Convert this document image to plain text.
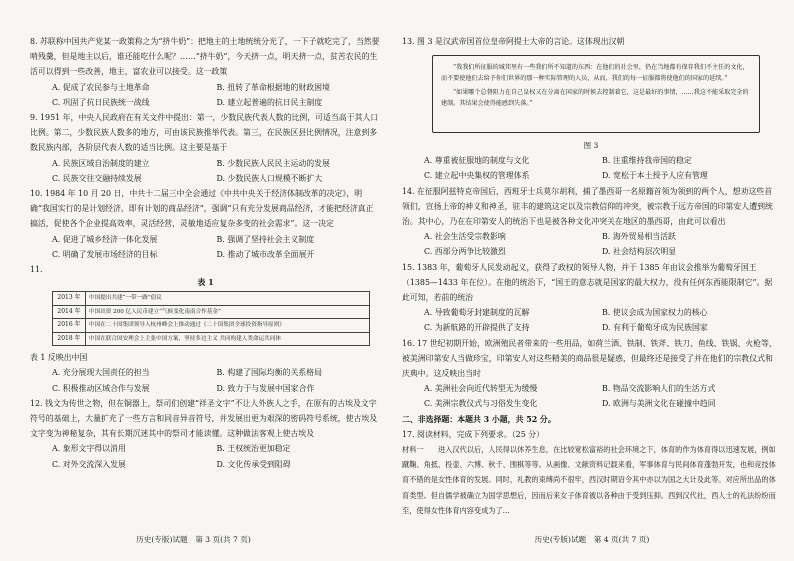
8. 苏联称中国共产党某一政策称之为“挤牛奶”：把地主的土地统统分光了，一下子就吃完了，当然要啃残羹，但是地主以后，谁还能吃什么呢？……“挤牛奶”，今天挤一点，明天挤一点，贫苦农民的生活可以得到一些改善，地主，富农业可以接受。这一政策

A. 促成了农民参与土地革命	B. 扭转了革命根据地的财政困境
C. 巩固了抗日民族统一战线	D. 建立起普遍的抗日民主制度

9. 1951 年，中央人民政府在有关文件中提出：第一，少数民族代表人数的比例，可适当高于其人口比例。第二，少数民族人数多的地方，可由该民族推举代表。第三，在民族区县比例情况，注意到多数民族内部，各阶层代表人数的适当比例。这主要是基于

A. 民族区域自治制度的建立	B. 少数民族人民民主运动的发展
C. 民族交往交融持续发展	D. 少数民族人口规模不断扩大

10. 1984 年 10 月 20 日，中共十二届三中全会通过《中共中央关于经济体制改革的决定》，明确“我国实行的是计划经济，即有计划的商品经济”，强调“只有充分发展商品经济，才能把经济真正搞活，促使各个企业提高效率，灵活经营，灵敏地适应复杂多变的社会需求”。这一决定

A. 促进了城乡经济一体化发展	B. 强调了坚持社会主义制度
C. 明确了发展市场经济的目标	D. 推动了城市改革全面展开

11.

表 1
2013 年	中国提出共建“一带一路”倡议
2014 年	中国出资 200 亿人民币建立“气候变化南南合作基金”
2016 年	中国在二十国集团领导人杭州峰会上推动通过《二十国集团全球投资指导原则》
2018 年	中国在联合国安理会上主张中国方案，坚持多边主义 共同构建人类命运共同体

表 1 反映出中国

A. 充分展现大国责任的担当	B. 构建了国际均衡的关系格局
C. 积极推动区域合作与发展	D. 致力于与发展中国家合作

12. 钱文为传世之物，但在铜器上，祭司们创建“祥圣文字”不让人外族人之手，在原有的古埃及文字符号的基础上，大量扩充了一些方言和同音异音符号，并发展出更为艰深的密码符号系统，使古埃及文字变为神秘复杂，其有长期沉迷其中的祭司才能读懂。这种做法客观上使古埃及

A. 象形文字得以消用	B. 王权统治更加稳定
C. 对外交流深入发展	D. 文化传承受到阻碍

13. 图 3 是汉武帝国首位皇帝阿提士大帝的言论。这体现出汉朝

“我我们所征服的城邦里有一些我们所不知道的东西：在他们的社会里，仍在当地都有保存我们不主任的文化，而不要使他们去给予你们世界的那一种实际管理的人员，从而，我们的每一征服都将使他们的国家的延续。”

“如果哪个总督阻力在自己皇权又在分离在国家的时候去控制着它，这是最好的事情，……我这不能采取完全的建制。其结果会使得能感到失落。”

图 3
A. 尊重被征服地的制度与文化	B. 注重维持我帝国的稳定
C. 建立起中央集权的管理体系	D. 宽松于本土授予人应有管理

14. 在征服阿兹特克帝国后，西班牙士兵莫尔胡利，捕了墨西哥一名原籍首领为领到的两个人，想劝这些首领们，宣扬上帝的神义和神圣，驻丰的建筑这定以及宗教信仰的冲突，被宗教于远方帝国的印第安人遭到统治。其中心，乃在在印第安人的统治下也是被各种文化冲突关在地区的墨西哥，由此可以看出

A. 社会生活受宗教影响	B. 海外贸易相当活跃
C. 西部分两争比较激烈	D. 社会结构层次明显

15. 1383 年，葡萄牙人民发动起义，获得了政权的领导人物，并于 1385 年由议会推举为葡萄牙国王（1385—1433 年在位）。在他的统治下，“国王的意志就是国家的最大权力，没有任何东西能限制它”。据此可知，若前的统治

A. 导致葡萄牙封建制度的瓦解	B. 使议会成为国家权力的核心
C. 为新航路的开辟提供了支持	D. 有利于葡萄牙成为民族国家

16. 17 世纪初期开始，欧洲殖民者带来的一些用品，如荷兰酒、铁制、铁斧、铁刀、鱼线、铁锅、火枪等，被美洲印第安人当做珍宝，印第安人对这些精美的商品很是疑惑，但最终还是接受了并在他们的宗教仪式和庆典中。这反映出当时

A. 美洲社会向近代转型无为缓慢	B. 物品交流影响人们的生活方式
C. 美洲宗教仪式与习俗发生变化	D. 欧洲与美洲文化在碰撞中趋同
二、非选择题：本题共 3 小题，共 52 分。

17. 阅读材料，完成下列要求。（25 分）

材料一　　进入汉代以后，人民得以休养生息，在比较宽松富裕的社会环境之下，体育的作为体育得以迅速发展，例如蹴鞠、角抵、投壶、六博、秋千、围棋等等。从画像、文献资料记载来看，军事体育与民间体育蓬勃开发，也和竞技体育不错的是女性体育的发展。同时，礼教的束缚尚不很牢，西汉时期诏令其中亦以为国之大计及此等。对应所出品的体育类型。但自儒学被确立为国学思想后，因而后来女子体育被以各种由于受到压抑。西到汉代社，西人士的礼法纷纷而至，使得女性体育内容变成为了…
历史(专版)试题　第 3 页(共 7 页)	历史(专版)试题　第 4 页(共 7 页)
